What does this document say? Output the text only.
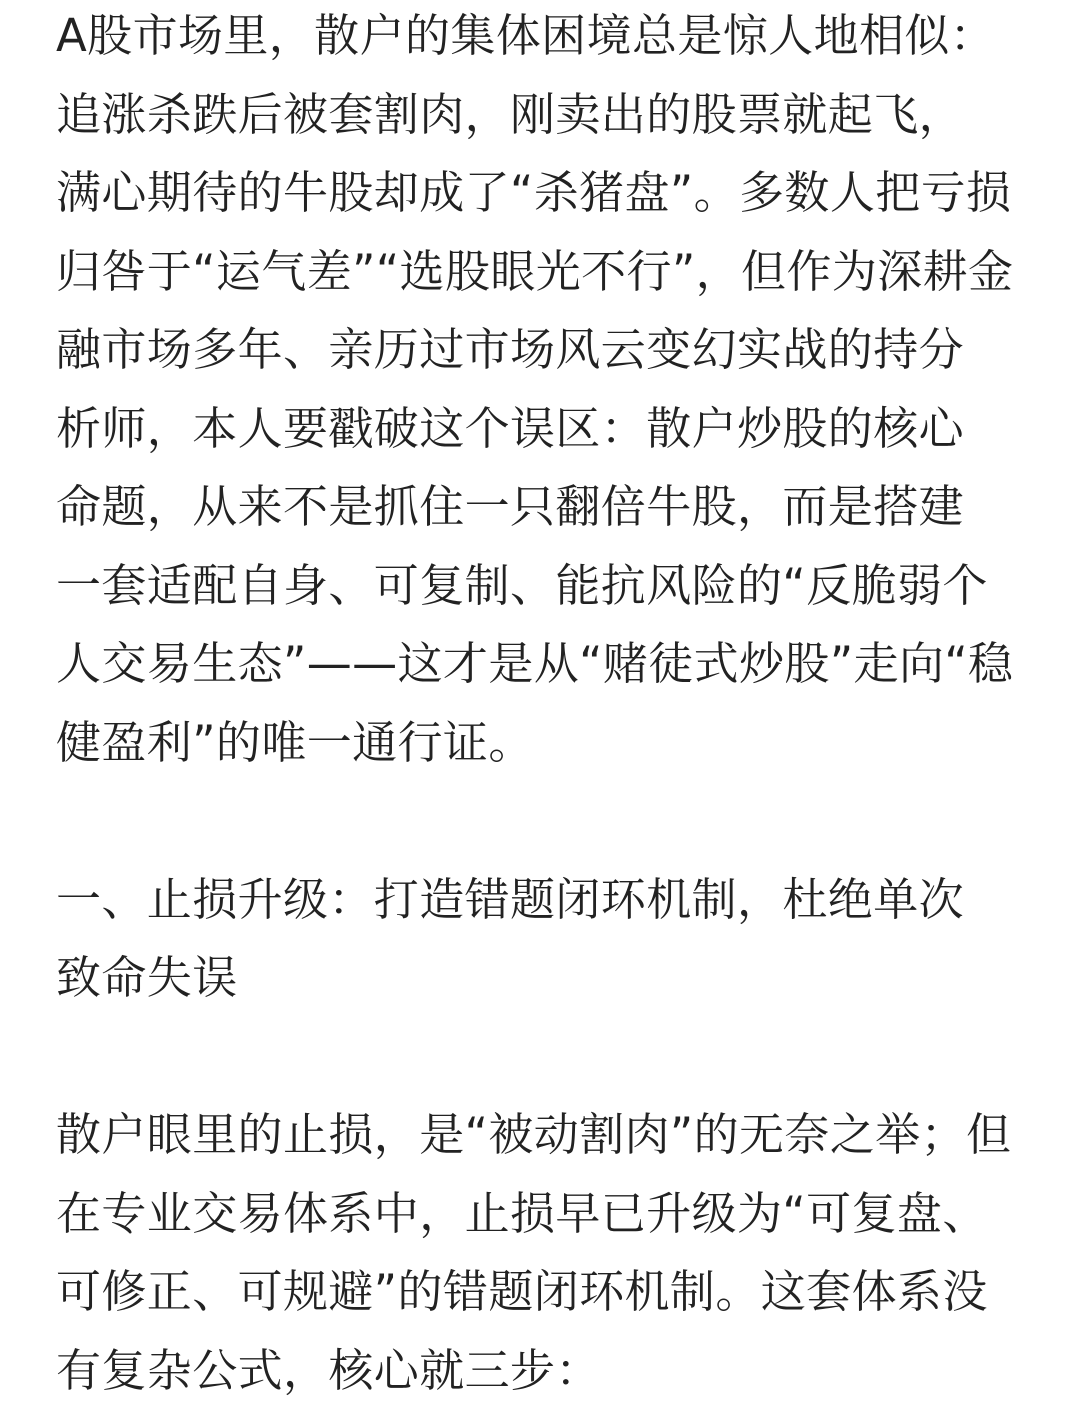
A股市场里，散户的集体困境总是惊人地相似：
追涨杀跌后被套割肉，刚卖出的股票就起飞，
满心期待的牛股却成了“杀猪盘”。多数人把亏损
归咎于“运气差”“选股眼光不行”，但作为深耕金
融市场多年、亲历过市场风云变幻实战的持分
析师，本人要戳破这个误区：散户炒股的核心
命题，从来不是抓住一只翻倍牛股，而是搭建
一套适配自身、可复制、能抗风险的“反脆弱个
人交易生态”——这才是从“赌徒式炒股”走向“稳
健盈利”的唯一通行证。
一、止损升级：打造错题闭环机制，杜绝单次
致命失误
散户眼里的止损，是“被动割肉”的无奈之举；但
在专业交易体系中，止损早已升级为“可复盘、
可修正、可规避”的错题闭环机制。这套体系没
有复杂公式，核心就三步：
